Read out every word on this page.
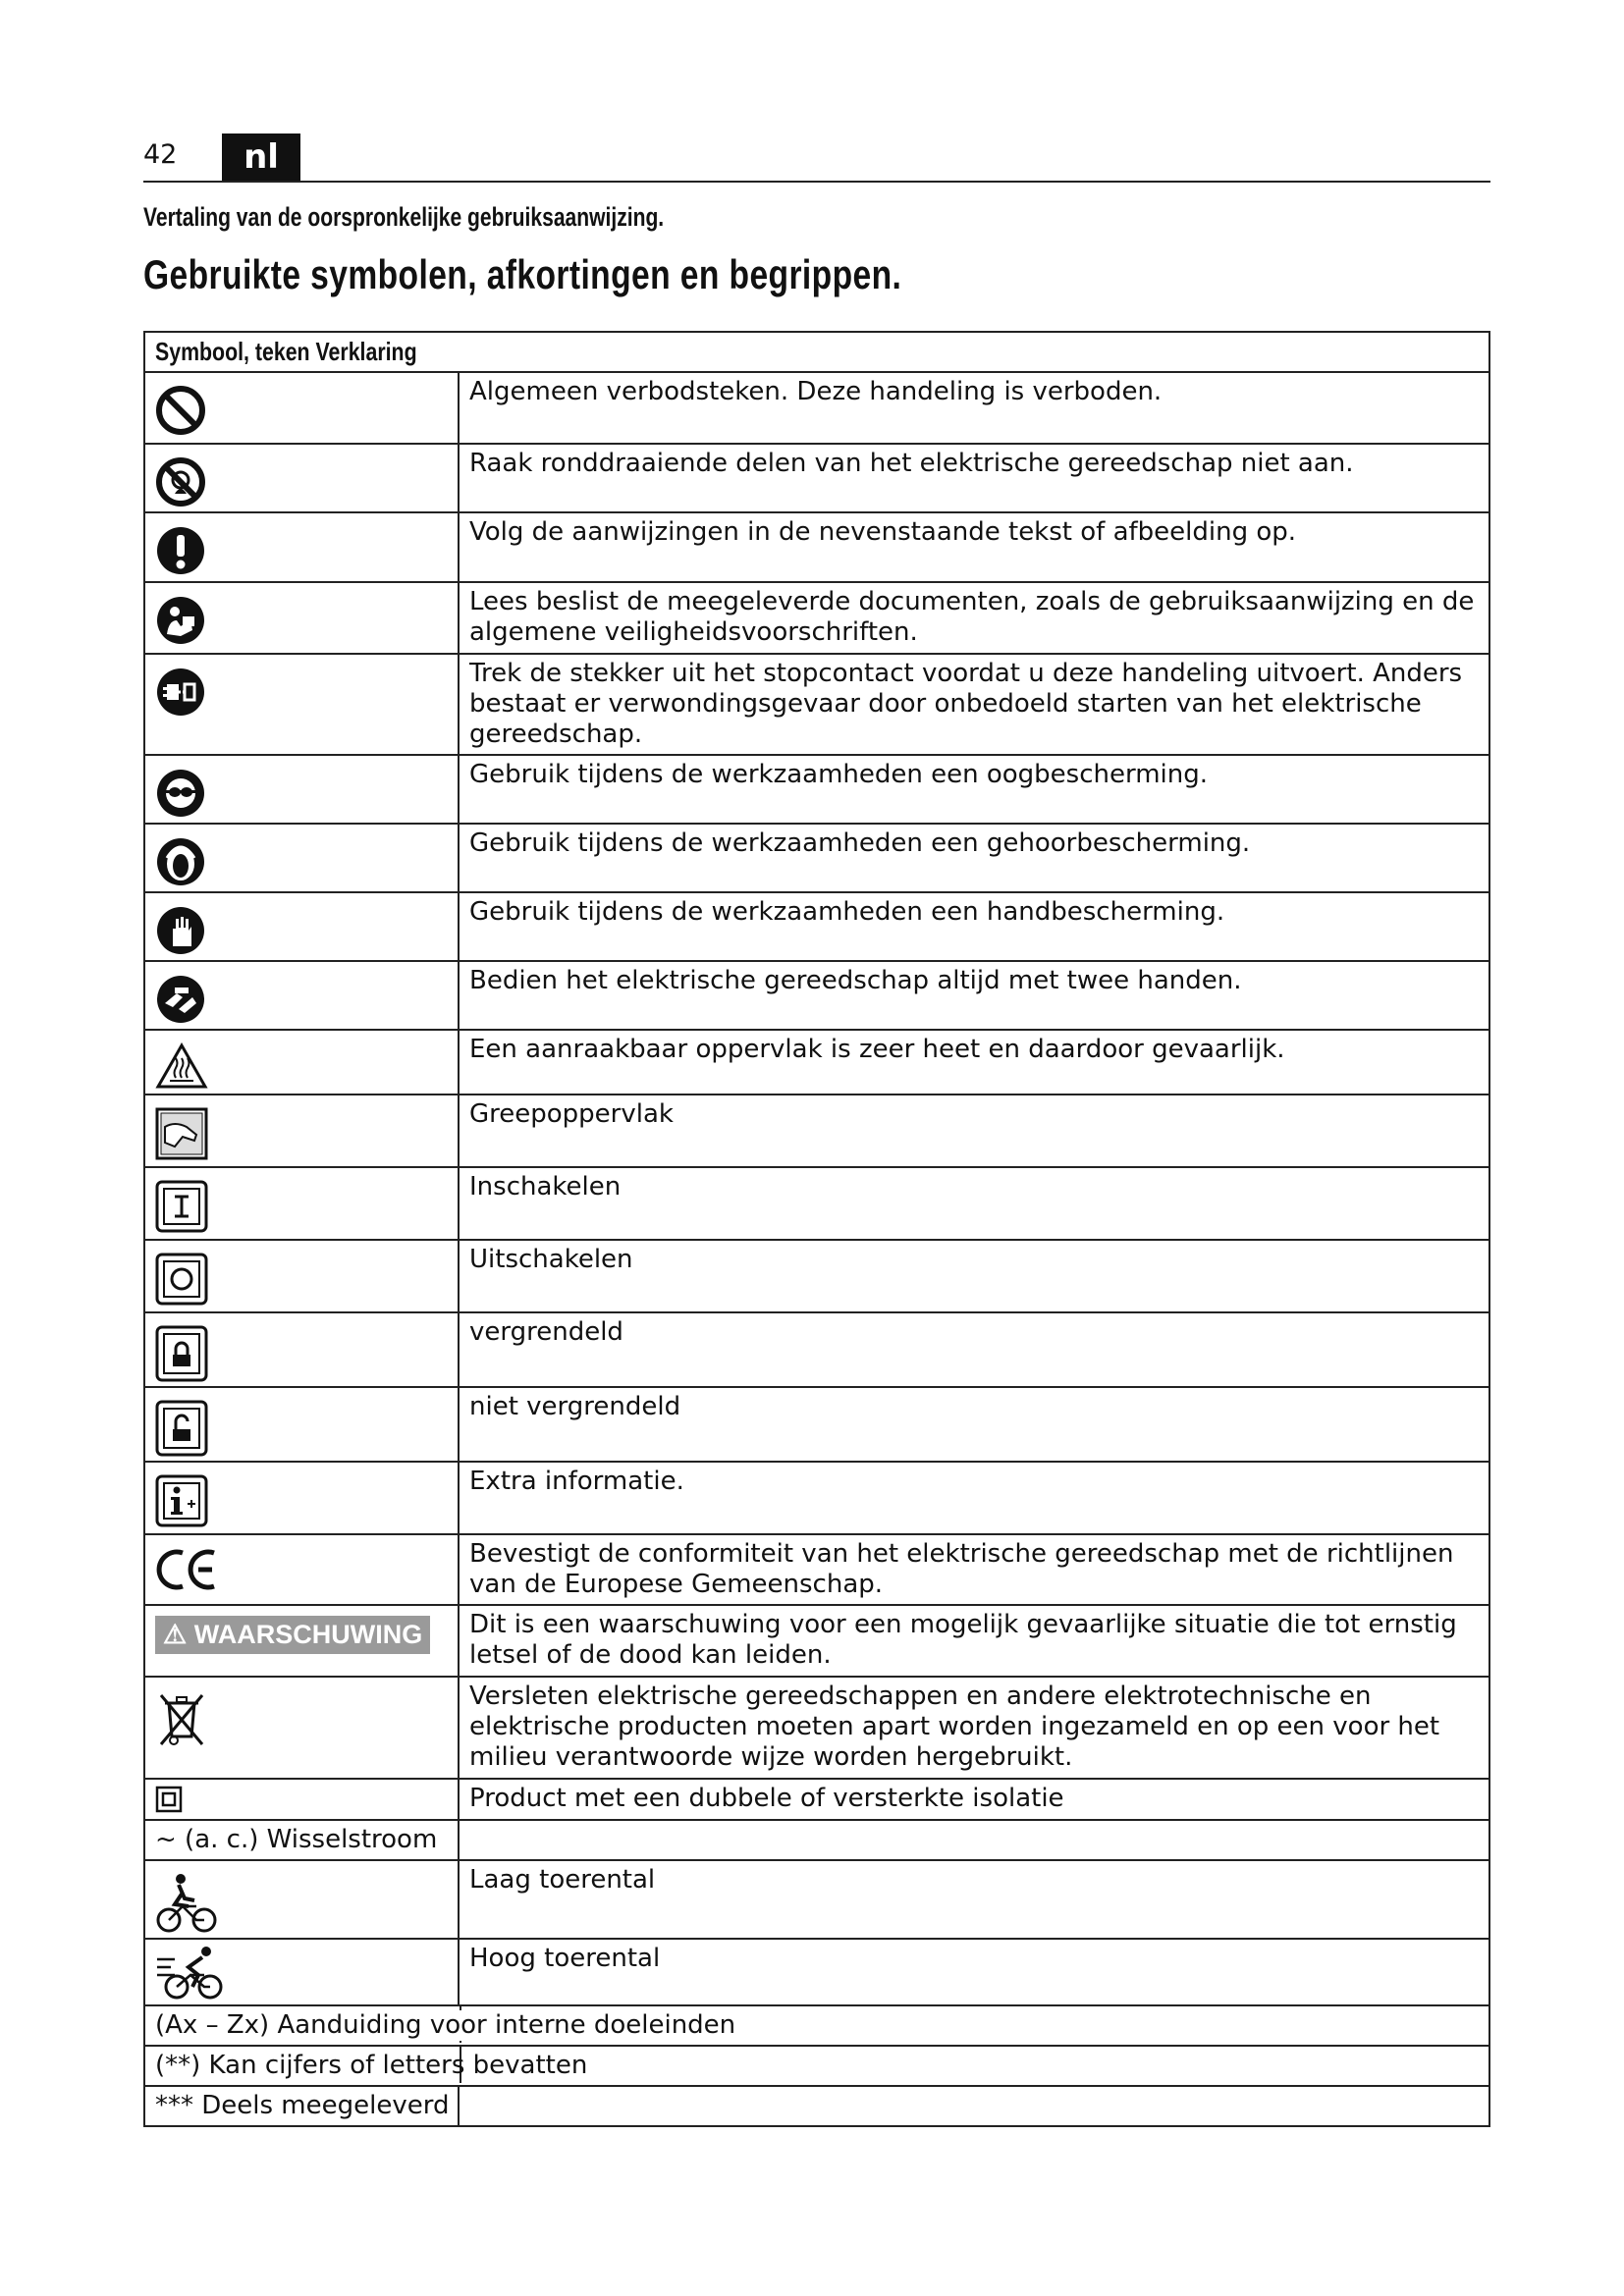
42	nl
Vertaling van de oorspronkelijke gebruiksaanwijzing.
Gebruikte symbolen, afkortingen en begrippen.
Symbool, teken Verklaring	

	Algemeen verbodsteken. Deze handeling is verboden.

	Raak ronddraaiende delen van het elektrische gereedschap niet aan.

	Volg de aanwijzingen in de nevenstaande tekst of afbeelding op.

	Lees beslist de meegeleverde documenten, zoals de gebruiksaanwijzing en de algemene veiligheidsvoorschriften.

	Trek de stekker uit het stopcontact voordat u deze handeling uitvoert. Anders bestaat er verwondingsgevaar door onbedoeld starten van het elektrische gereedschap.

	Gebruik tijdens de werkzaamheden een oogbescherming.

	Gebruik tijdens de werkzaamheden een gehoorbescherming.

	Gebruik tijdens de werkzaamheden een handbescherming.

	Bedien het elektrische gereedschap altijd met twee handen.

	Een aanraakbaar oppervlak is zeer heet en daardoor gevaarlijk.

	Greepoppervlak

	Inschakelen

	Uitschakelen

	vergrendeld

	niet vergrendeld

	Extra informatie.

	Bevestigt de conformiteit van het elektrische gereedschap met de richtlijnen van de Europese Gemeenschap.
⚠ WAARSCHUWING	Dit is een waarschuwing voor een mogelijk gevaarlijke situatie die tot ernstig letsel of de dood kan leiden.

	Versleten elektrische gereedschappen en andere elektrotechnische en elektrische producten moeten apart worden ingezameld en op een voor het milieu verantwoorde wijze worden hergebruikt.

	Product met een dubbele of versterkte isolatie
~ (a. c.) Wisselstroom	

	Laag toerental

	Hoog toerental

(Ax – Zx) Aanduiding voor interne doeleinden	

(**) Kan cijfers of letters bevatten	

*** Deels meegeleverd	
